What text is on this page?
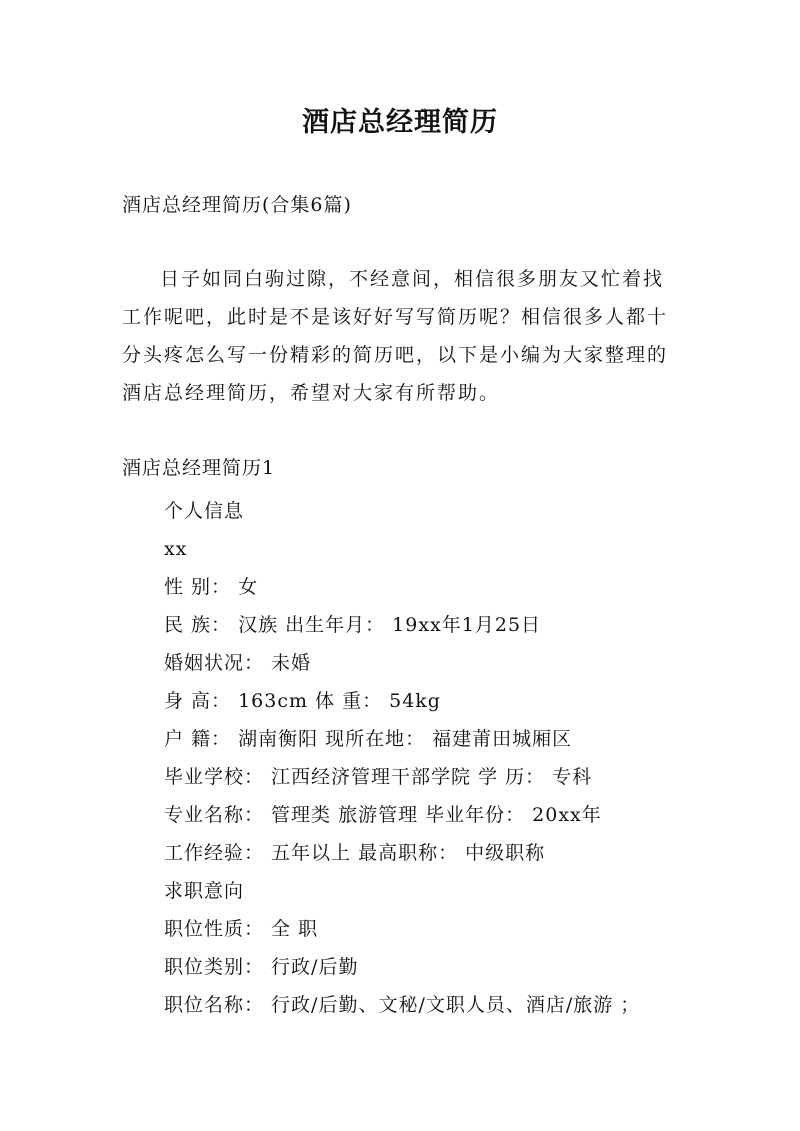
酒店总经理简历
酒店总经理简历(合集6篇)
日子如同白驹过隙，不经意间，相信很多朋友又忙着找
工作呢吧，此时是不是该好好写写简历呢？相信很多人都十
分头疼怎么写一份精彩的简历吧，以下是小编为大家整理的
酒店总经理简历，希望对大家有所帮助。
酒店总经理简历1
个人信息
xx
性 别： 女
民 族： 汉族 出生年月： 19xx年1月25日
婚姻状况： 未婚
身 高： 163cm 体 重： 54kg
户 籍： 湖南衡阳 现所在地： 福建莆田城厢区
毕业学校： 江西经济管理干部学院 学 历： 专科
专业名称： 管理类 旅游管理 毕业年份： 20xx年
工作经验： 五年以上 最高职称： 中级职称
求职意向
职位性质： 全 职
职位类别： 行政/后勤
职位名称： 行政/后勤、文秘/文职人员、酒店/旅游 ；
